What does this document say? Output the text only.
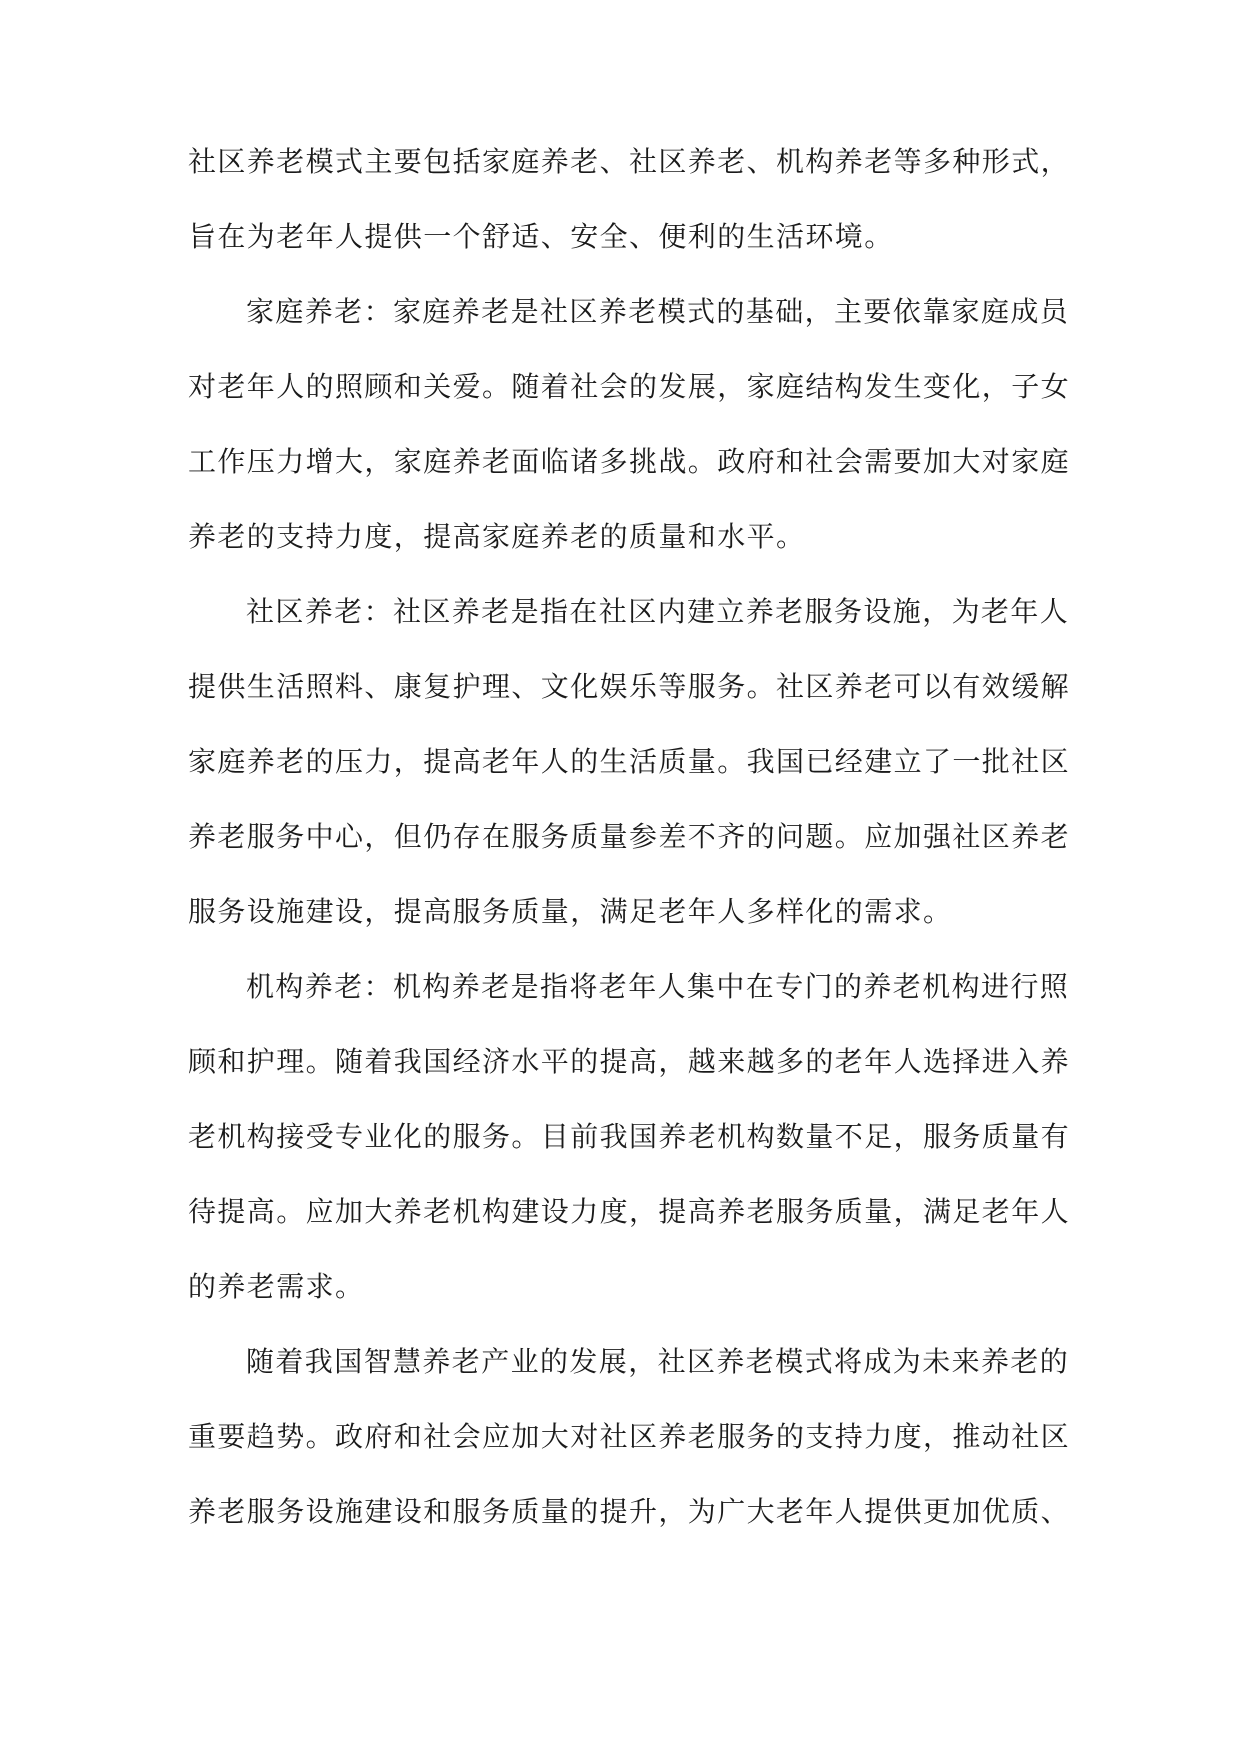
社区养老模式主要包括家庭养老、社区养老、机构养老等多种形式，
旨在为老年人提供一个舒适、安全、便利的生活环境。
家庭养老：家庭养老是社区养老模式的基础，主要依靠家庭成员
对老年人的照顾和关爱。随着社会的发展，家庭结构发生变化，子女
工作压力增大，家庭养老面临诸多挑战。政府和社会需要加大对家庭
养老的支持力度，提高家庭养老的质量和水平。
社区养老：社区养老是指在社区内建立养老服务设施，为老年人
提供生活照料、康复护理、文化娱乐等服务。社区养老可以有效缓解
家庭养老的压力，提高老年人的生活质量。我国已经建立了一批社区
养老服务中心，但仍存在服务质量参差不齐的问题。应加强社区养老
服务设施建设，提高服务质量，满足老年人多样化的需求。
机构养老：机构养老是指将老年人集中在专门的养老机构进行照
顾和护理。随着我国经济水平的提高，越来越多的老年人选择进入养
老机构接受专业化的服务。目前我国养老机构数量不足，服务质量有
待提高。应加大养老机构建设力度，提高养老服务质量，满足老年人
的养老需求。
随着我国智慧养老产业的发展，社区养老模式将成为未来养老的
重要趋势。政府和社会应加大对社区养老服务的支持力度，推动社区
养老服务设施建设和服务质量的提升，为广大老年人提供更加优质、
